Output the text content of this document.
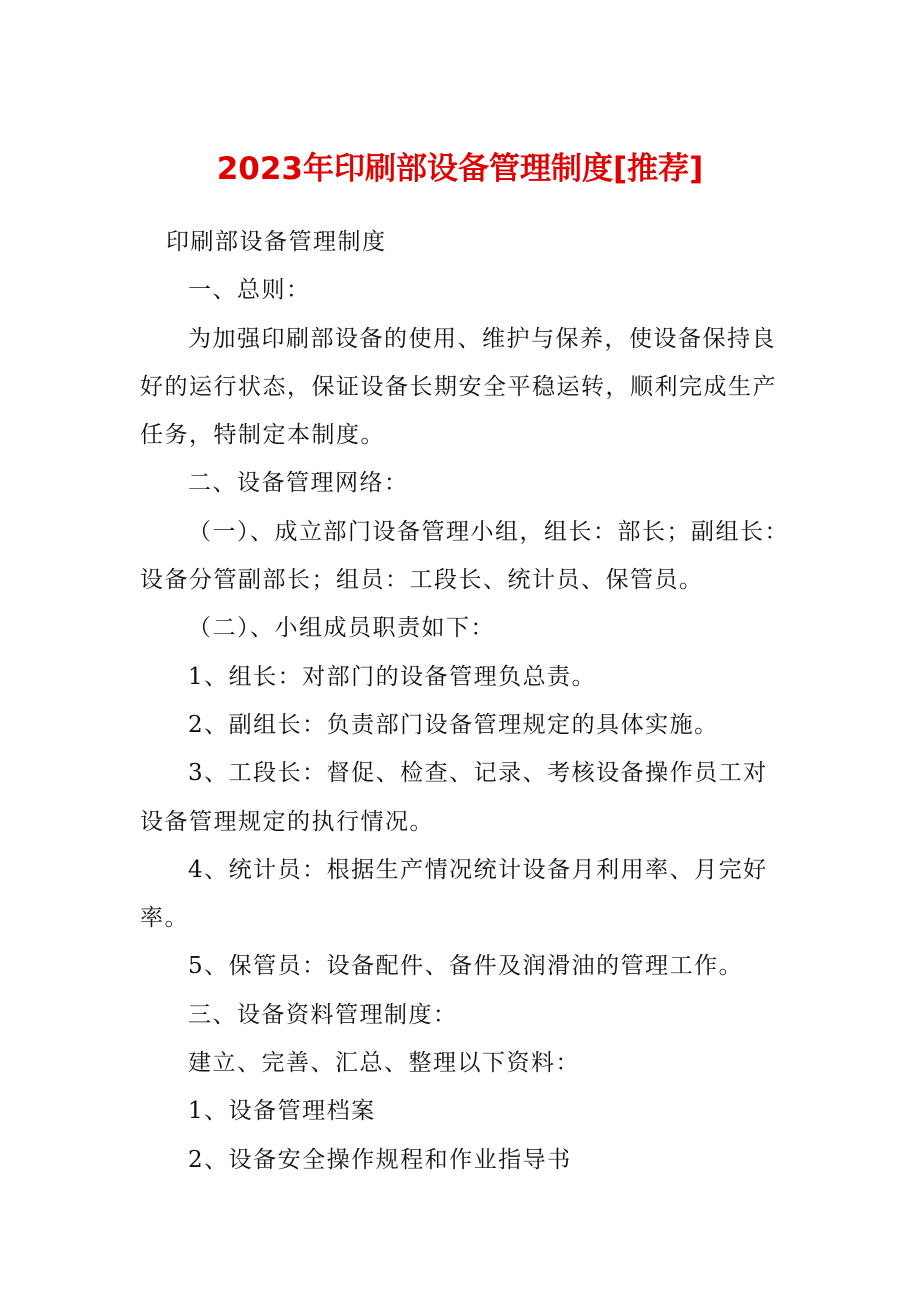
2023年印刷部设备管理制度[推荐]

印刷部设备管理制度

一、总则：

为加强印刷部设备的使用、维护与保养，使设备保持良好的运行状态，保证设备长期安全平稳运转，顺利完成生产任务，特制定本制度。

二、设备管理网络：

（一）、成立部门设备管理小组，组长：部长；副组长：设备分管副部长；组员：工段长、统计员、保管员。

（二）、小组成员职责如下：

1、组长：对部门的设备管理负总责。

2、副组长：负责部门设备管理规定的具体实施。

3、工段长：督促、检查、记录、考核设备操作员工对设备管理规定的执行情况。

4、统计员：根据生产情况统计设备月利用率、月完好率。

5、保管员：设备配件、备件及润滑油的管理工作。

三、设备资料管理制度：

建立、完善、汇总、整理以下资料：

1、设备管理档案

2、设备安全操作规程和作业指导书
